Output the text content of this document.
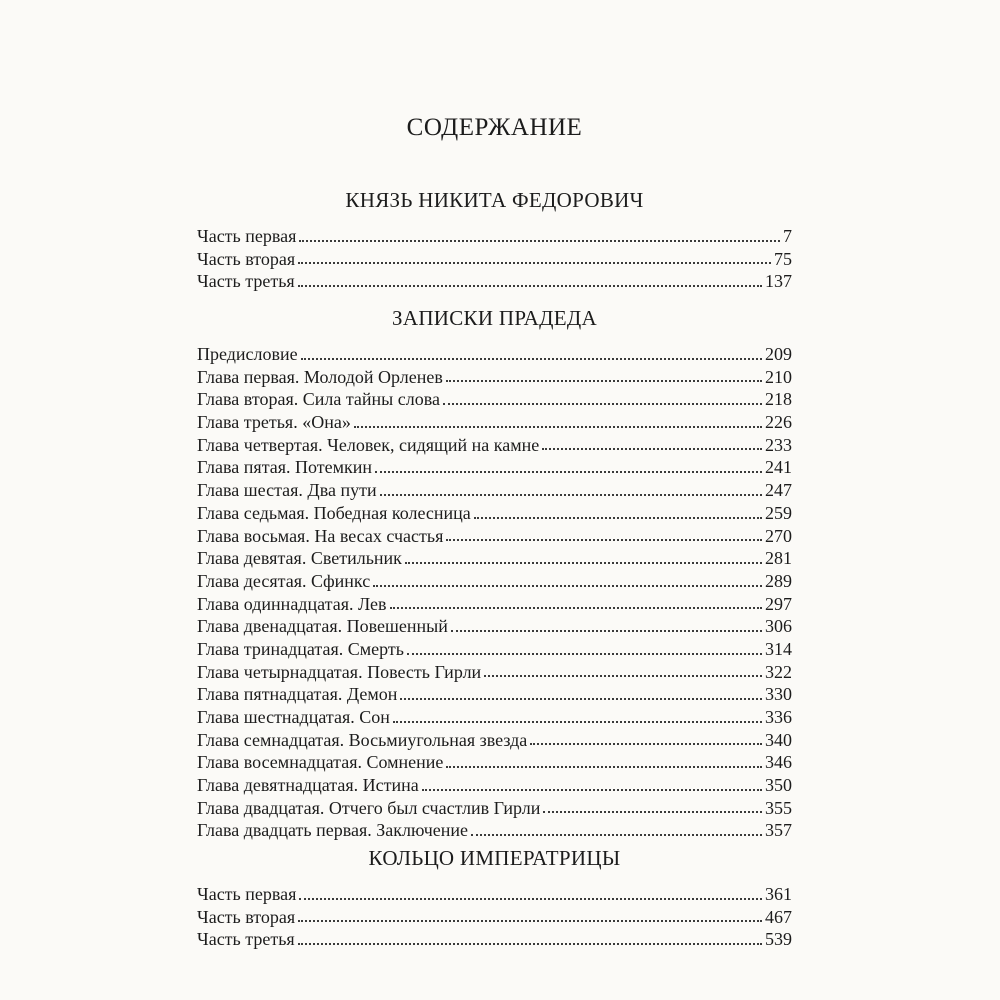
СОДЕРЖАНИЕ
КНЯЗЬ НИКИТА ФЕДОРОВИЧ
Часть первая	7
Часть вторая	75
Часть третья	137
ЗАПИСКИ ПРАДЕДА
Предисловие	209
Глава первая. Молодой Орленев	210
Глава вторая. Сила тайны слова	218
Глава третья. «Она»	226
Глава четвертая. Человек, сидящий на камне	233
Глава пятая. Потемкин	241
Глава шестая. Два пути	247
Глава седьмая. Победная колесница	259
Глава восьмая. На весах счастья	270
Глава девятая. Светильник	281
Глава десятая. Сфинкс	289
Глава одиннадцатая. Лев	297
Глава двенадцатая. Повешенный	306
Глава тринадцатая. Смерть	314
Глава четырнадцатая. Повесть Гирли	322
Глава пятнадцатая. Демон	330
Глава шестнадцатая. Сон	336
Глава семнадцатая. Восьмиугольная звезда	340
Глава восемнадцатая. Сомнение	346
Глава девятнадцатая. Истина	350
Глава двадцатая. Отчего был счастлив Гирли	355
Глава двадцать первая. Заключение	357
КОЛЬЦО ИМПЕРАТРИЦЫ
Часть первая	361
Часть вторая	467
Часть третья	539
